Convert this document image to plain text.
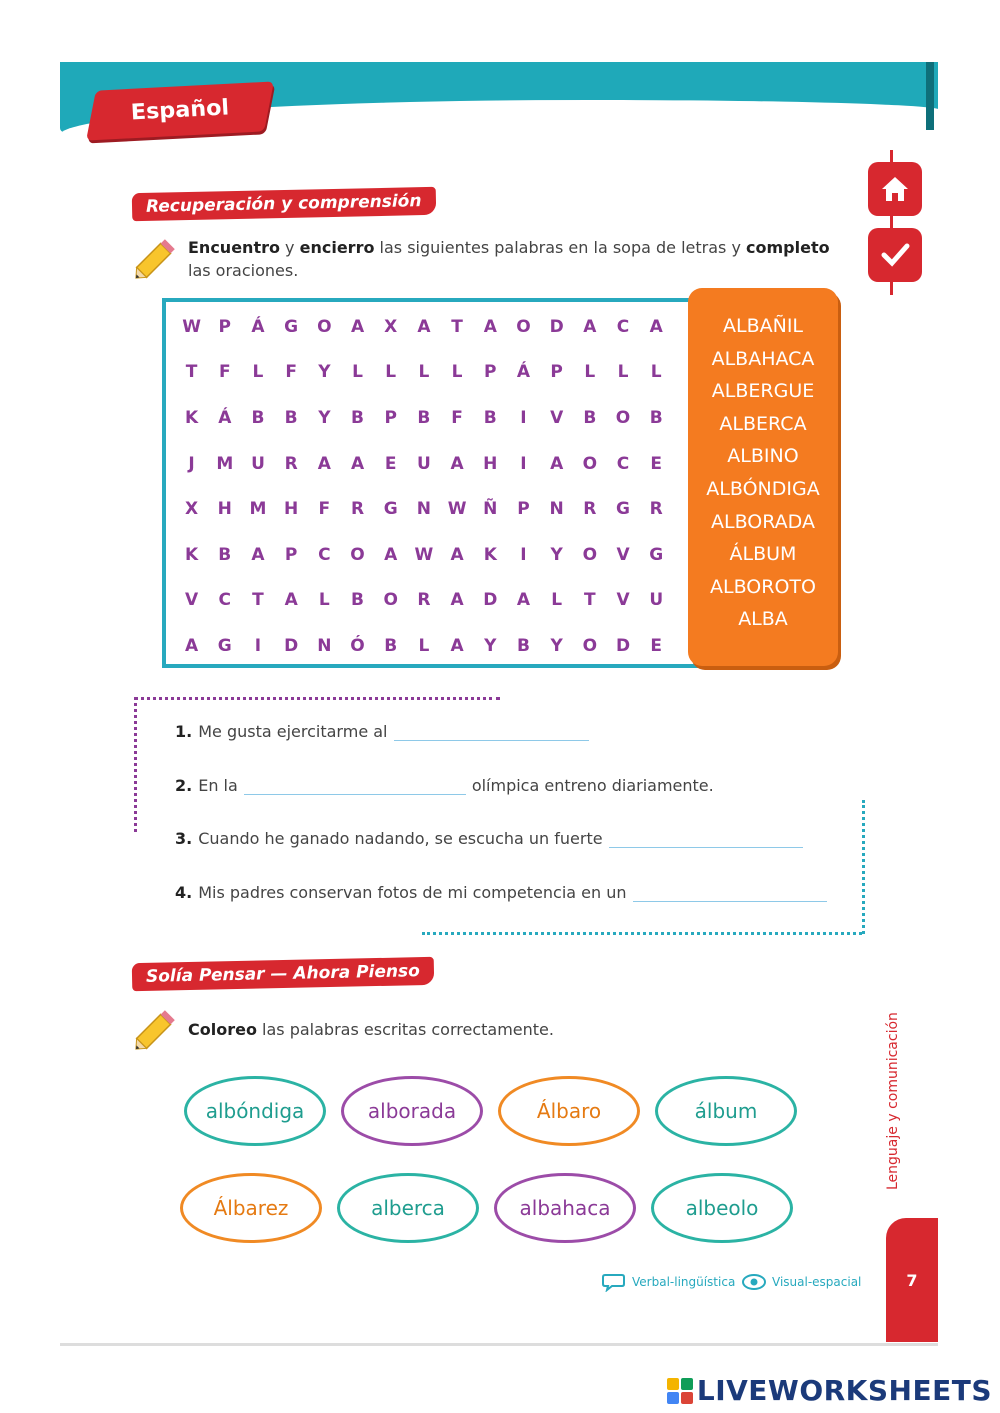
Español
Recuperación y comprensión
Encuentro y encierro las siguientes palabras en la sopa de letras y completo las oraciones.
W	P	Á	G	O	A	X	A	T	A	O	D	A	C	A
T	F	L	F	Y	L	L	L	L	P	Á	P	L	L	L
K	Á	B	B	Y	B	P	B	F	B	I	V	B	O	B
J	M	U	R	A	A	E	U	A	H	I	A	O	C	E
X	H	M	H	F	R	G	N W Ñ	P	N	R	G	R
K	B	A	P	C	O	A	W	A	K	I	Y	O	V	G
V	C	T	A	L	B	O	R	A	D	A	L	T	V	U
A	G	I	D	N	Ó	B	L	A	Y	B	Y	O	D	E
ALBAÑIL
ALBAHACA
ALBERGUE
ALBERCA
ALBINO
ALBÓNDIGA
ALBORADA
ÁLBUM
ALBOROTO
ALBA
1. Me gusta ejercitarme al
2. En la	olímpica entreno diariamente.
3. Cuando he ganado nadando, se escucha un fuerte
4. Mis padres conservan fotos de mi competencia en un
Solía Pensar — Ahora Pienso
Coloreo las palabras escritas correctamente.
albóndiga	alborada	Álbaro	álbum
Álbarez	alberca	albahaca	albeolo
Lenguaje y comunicación
Verbal-lingüística	Visual-espacial	7
LIVEWORKSHEETS
